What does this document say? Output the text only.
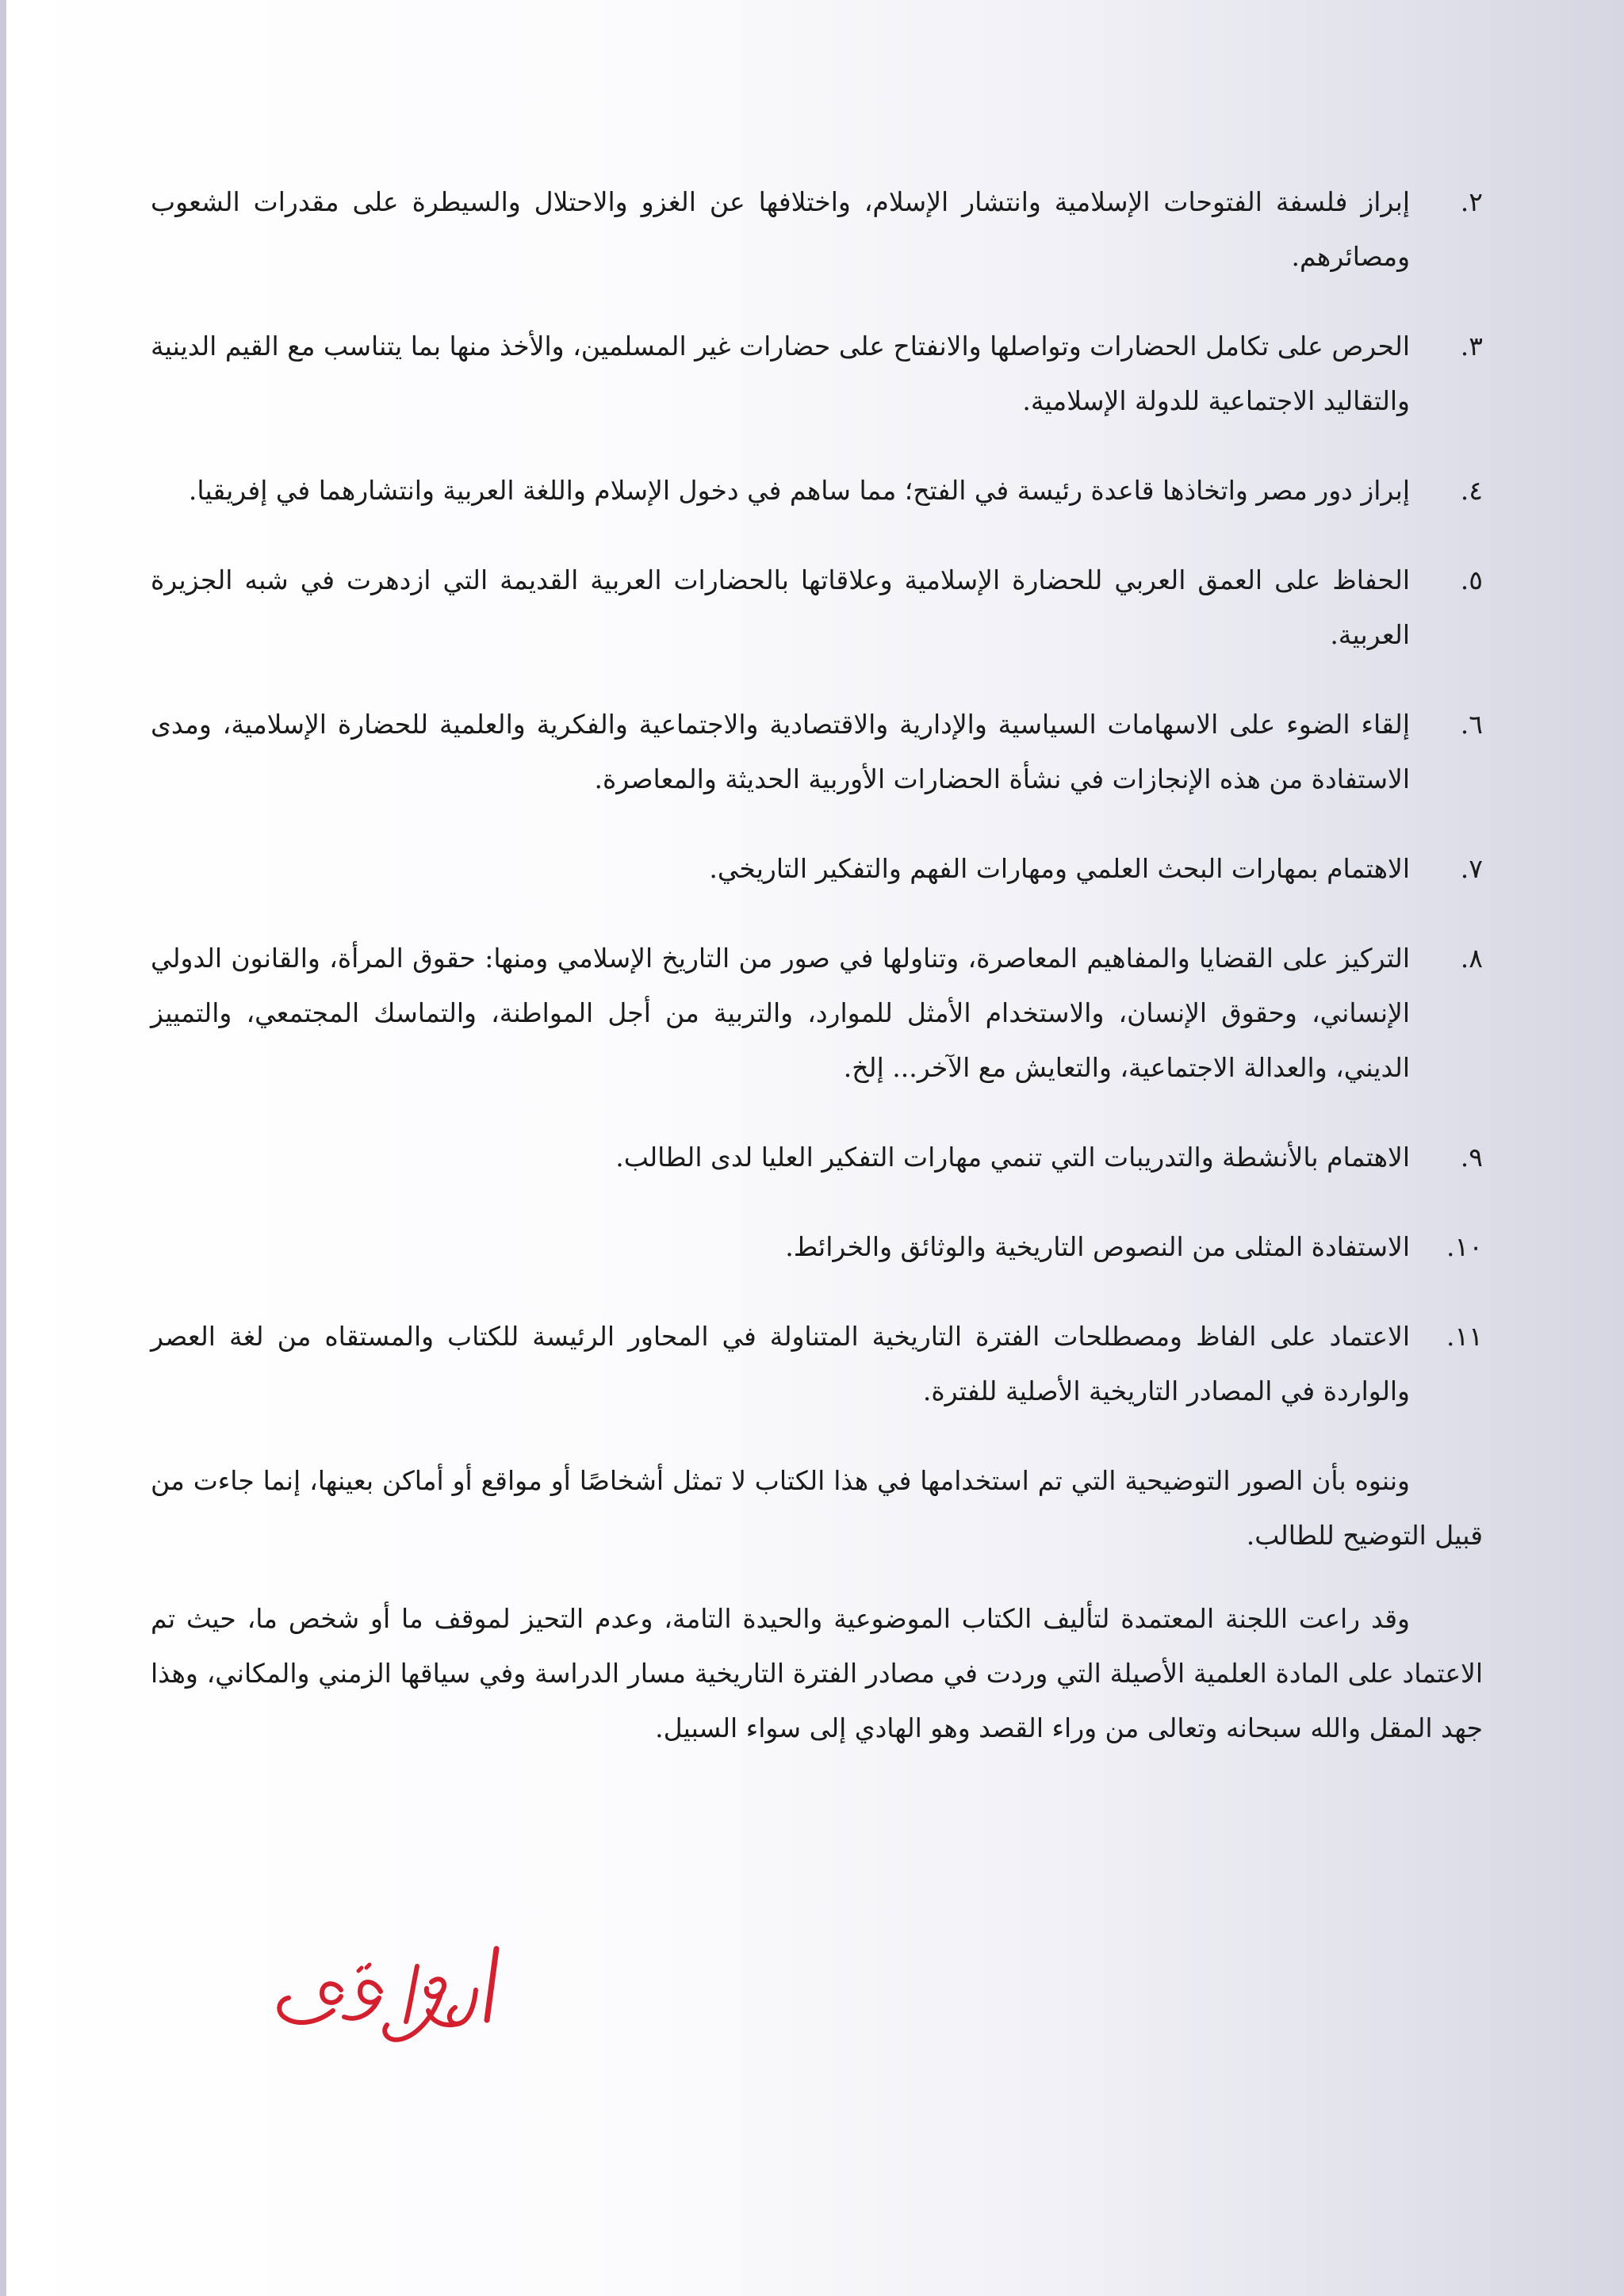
٢.
إبراز فلسفة الفتوحات الإسلامية وانتشار الإسلام، واختلافها عن الغزو والاحتلال والسيطرة على مقدرات الشعوب ومصائرهم.
٣.
الحرص على تكامل الحضارات وتواصلها والانفتاح على حضارات غير المسلمين، والأخذ منها بما يتناسب مع القيم الدينية والتقاليد الاجتماعية للدولة الإسلامية.
٤.
إبراز دور مصر واتخاذها قاعدة رئيسة في الفتح؛ مما ساهم في دخول الإسلام واللغة العربية وانتشارهما في إفريقيا.
٥.
الحفاظ على العمق العربي للحضارة الإسلامية وعلاقاتها بالحضارات العربية القديمة التي ازدهرت في شبه الجزيرة العربية.
٦.
إلقاء الضوء على الاسهامات السياسية والإدارية والاقتصادية والاجتماعية والفكرية والعلمية للحضارة الإسلامية، ومدى الاستفادة من هذه الإنجازات في نشأة الحضارات الأوربية الحديثة والمعاصرة.
٧.
الاهتمام بمهارات البحث العلمي ومهارات الفهم والتفكير التاريخي.
٨.
التركيز على القضايا والمفاهيم المعاصرة، وتناولها في صور من التاريخ الإسلامي ومنها: حقوق المرأة، والقانون الدولي الإنساني، وحقوق الإنسان، والاستخدام الأمثل للموارد، والتربية من أجل المواطنة، والتماسك المجتمعي، والتمييز الديني، والعدالة الاجتماعية، والتعايش مع الآخر... إلخ.
٩.
الاهتمام بالأنشطة والتدريبات التي تنمي مهارات التفكير العليا لدى الطالب.
١٠.
الاستفادة المثلى من النصوص التاريخية والوثائق والخرائط.
١١.
الاعتماد على الفاظ ومصطلحات الفترة التاريخية المتناولة في المحاور الرئيسة للكتاب والمستقاه من لغة العصر والواردة في المصادر التاريخية الأصلية للفترة.

وننوه بأن الصور التوضيحية التي تم استخدامها في هذا الكتاب لا تمثل أشخاصًا أو مواقع أو أماكن بعينها، إنما جاءت من قبيل التوضيح للطالب.

وقد راعت اللجنة المعتمدة لتأليف الكتاب الموضوعية والحيدة التامة، وعدم التحيز لموقف ما أو شخص ما، حيث تم الاعتماد على المادة العلمية الأصيلة التي وردت في مصادر الفترة التاريخية مسار الدراسة وفي سياقها الزمني والمكاني، وهذا جهد المقل والله سبحانه وتعالى من وراء القصد وهو الهادي إلى سواء السبيل.
